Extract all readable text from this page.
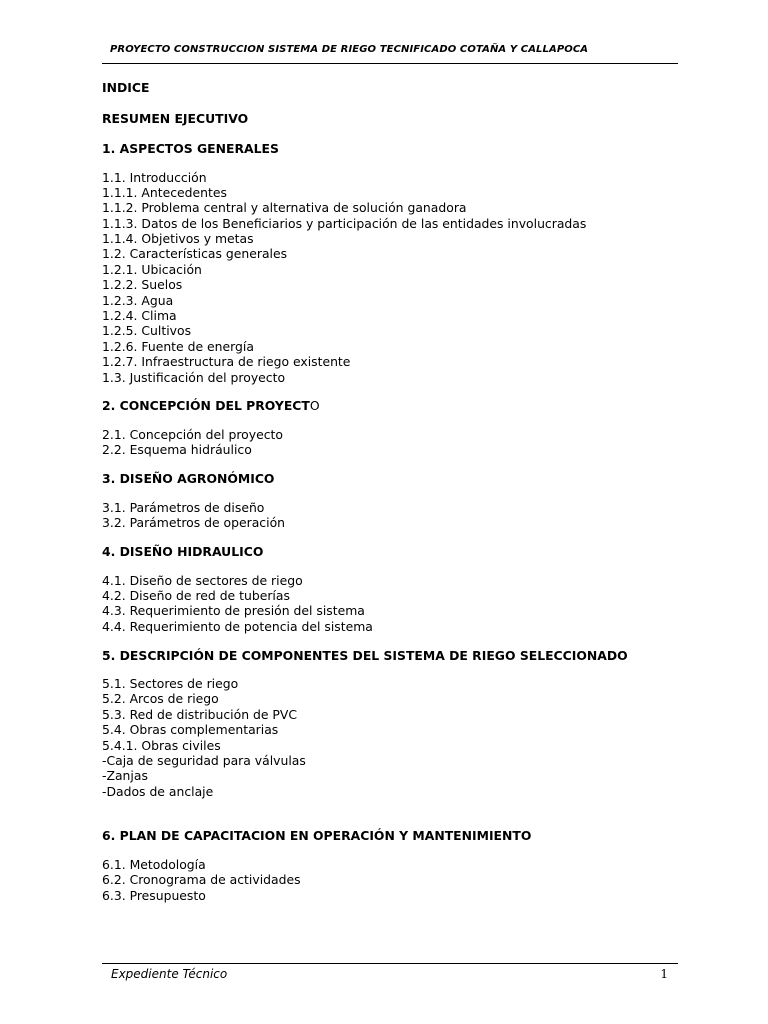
PROYECTO CONSTRUCCION SISTEMA DE RIEGO TECNIFICADO COTAÑA Y CALLAPOCA
INDICE
RESUMEN EJECUTIVO
1. ASPECTOS GENERALES
1.1. Introducción
1.1.1. Antecedentes
1.1.2. Problema central y alternativa de solución ganadora
1.1.3. Datos de los Beneficiarios y participación de las entidades involucradas
1.1.4. Objetivos y metas
1.2. Características generales
1.2.1. Ubicación
1.2.2. Suelos
1.2.3. Agua
1.2.4. Clima
1.2.5. Cultivos
1.2.6. Fuente de energía
1.2.7. Infraestructura de riego existente
1.3. Justificación del proyecto
2. CONCEPCIÓN DEL PROYECTO
2.1. Concepción del proyecto
2.2. Esquema hidráulico
3. DISEÑO AGRONÓMICO
3.1. Parámetros de diseño
3.2. Parámetros de operación
4. DISEÑO HIDRAULICO
4.1. Diseño de sectores de riego
4.2. Diseño de red de tuberías
4.3. Requerimiento de presión del sistema
4.4. Requerimiento de potencia del sistema
5. DESCRIPCIÓN DE COMPONENTES DEL SISTEMA DE RIEGO SELECCIONADO
5.1. Sectores de riego
5.2. Arcos de riego
5.3. Red de distribución de PVC
5.4. Obras complementarias
5.4.1. Obras civiles
-Caja de seguridad para válvulas
-Zanjas
-Dados de anclaje
6. PLAN DE CAPACITACION EN OPERACIÓN Y MANTENIMIENTO
6.1. Metodología
6.2. Cronograma de actividades
6.3. Presupuesto
Expediente Técnico	1
